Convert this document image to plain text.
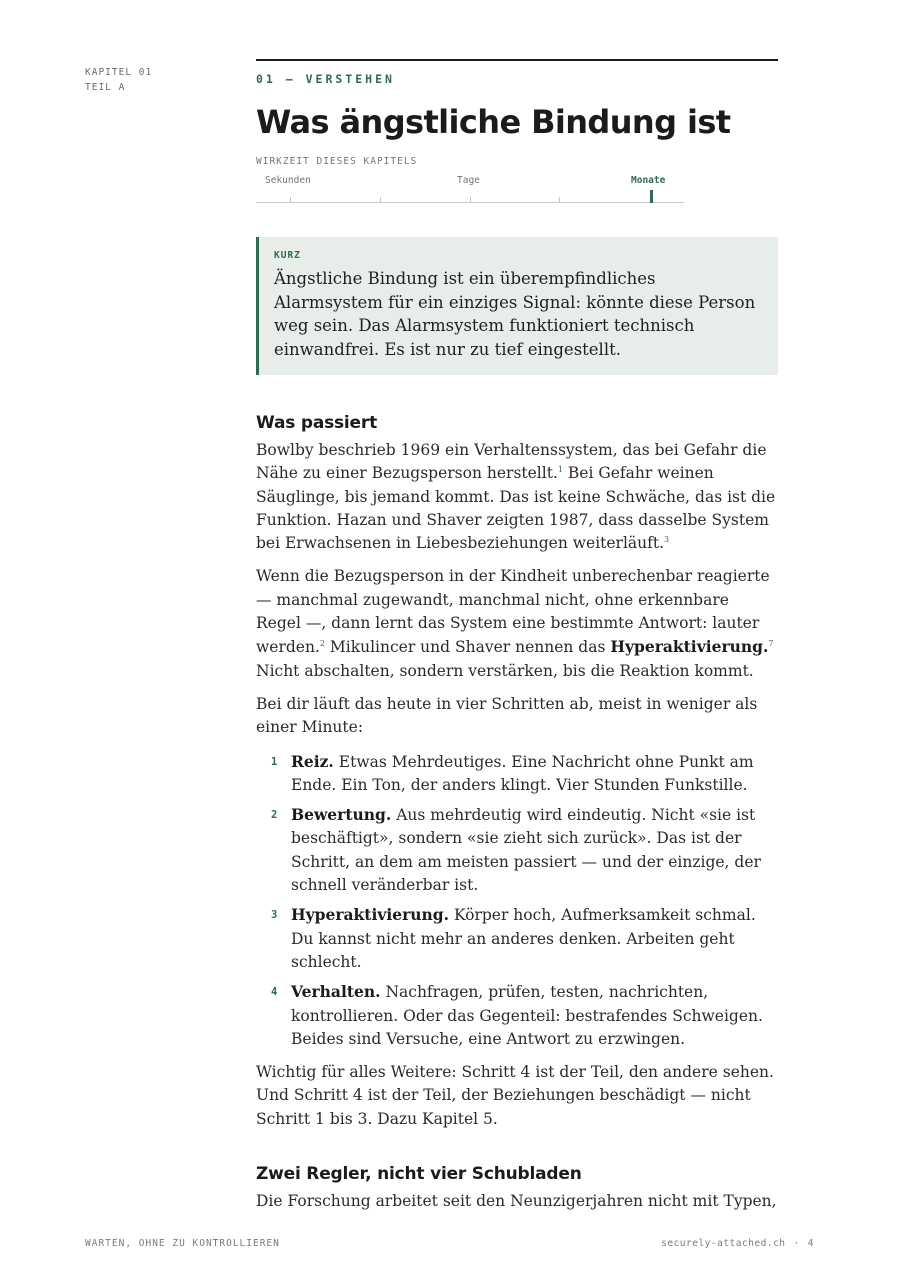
KAPITEL 01
TEIL A
01 — VERSTEHEN
Was ängstliche Bindung ist
WIRKZEIT DIESES KAPITELS
Sekunden	Tage	Monate
KURZ
Ängstliche Bindung ist ein überempfindliches Alarmsystem für ein einziges Signal: könnte diese Person weg sein. Das Alarmsystem funktioniert technisch einwandfrei. Es ist nur zu tief eingestellt.
Was passiert

Bowlby beschrieb 1969 ein Verhaltenssystem, das bei Gefahr die Nähe zu einer Bezugsperson herstellt.$^1$ Bei Gefahr weinen Säuglinge, bis jemand kommt. Das ist keine Schwäche, das ist die Funktion. Hazan und Shaver zeigten 1987, dass dasselbe System bei Erwachsenen in Liebesbeziehungen weiterläuft.$^3$

Wenn die Bezugsperson in der Kindheit unberechenbar reagierte — manchmal zugewandt, manchmal nicht, ohne erkennbare Regel —, dann lernt das System eine bestimmte Antwort: lauter werden.$^2$ Mikulincer und Shaver nennen das Hyperaktivierung.$^7$ Nicht abschalten, sondern verstärken, bis die Reaktion kommt.

Bei dir läuft das heute in vier Schritten ab, meist in weniger als einer Minute:

1 Reiz. Etwas Mehrdeutiges. Eine Nachricht ohne Punkt am Ende. Ein Ton, der anders klingt. Vier Stunden Funkstille.
2 Bewertung. Aus mehrdeutig wird eindeutig. Nicht «sie ist beschäftigt», sondern «sie zieht sich zurück». Das ist der Schritt, an dem am meisten passiert — und der einzige, der schnell veränderbar ist.
3 Hyperaktivierung. Körper hoch, Aufmerksamkeit schmal. Du kannst nicht mehr an anderes denken. Arbeiten geht schlecht.
4 Verhalten. Nachfragen, prüfen, testen, nachrichten, kontrollieren. Oder das Gegenteil: bestrafendes Schweigen. Beides sind Versuche, eine Antwort zu erzwingen.

Wichtig für alles Weitere: Schritt 4 ist der Teil, den andere sehen. Und Schritt 4 ist der Teil, der Beziehungen beschädigt — nicht Schritt 1 bis 3. Dazu Kapitel 5.

Zwei Regler, nicht vier Schubladen

Die Forschung arbeitet seit den Neunzigerjahren nicht mit Typen,

WARTEN, OHNE ZU KONTROLLIEREN	securely-attached.ch · 4
